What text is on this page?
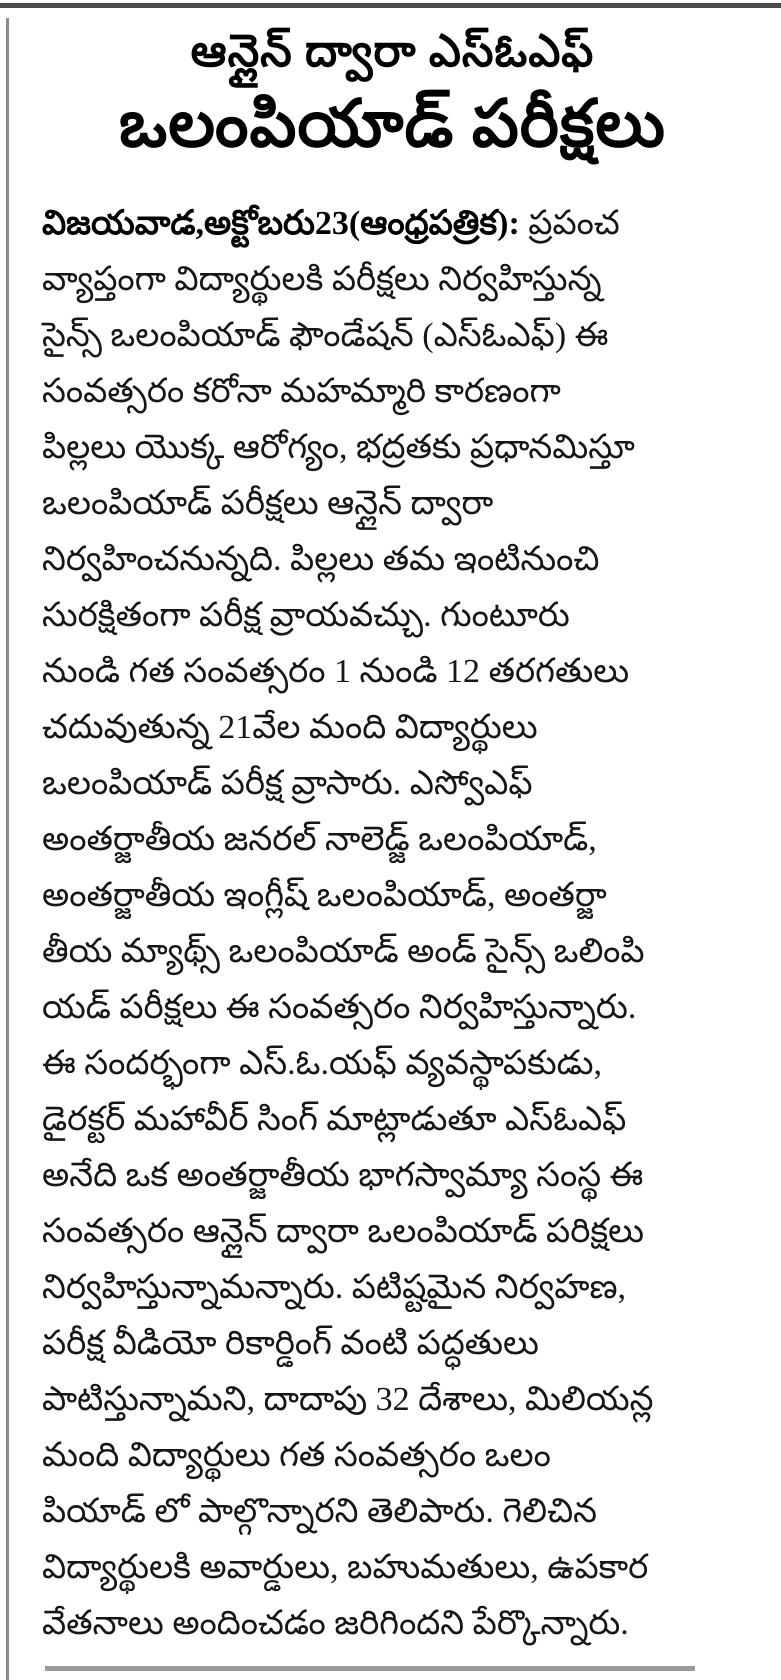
ఆన్లైన్ ద్వారా ఎస్ఓఎఫ్
ఒలంపియాడ్ పరీక్షలు
విజయవాడ,అక్టోబరు23(ఆంధ్రపత్రిక): ప్రపంచ
వ్యాప్తంగా విద్యార్థులకి పరీక్షలు నిర్వహిస్తున్న
సైన్స్ ఒలంపియాడ్ ఫౌండేషన్ (ఎస్ఓఎఫ్) ఈ
సంవత్సరం కరోనా మహమ్మారి కారణంగా
పిల్లలు యొక్క ఆరోగ్యం, భద్రతకు ప్రధానమిస్తూ
ఒలంపియాడ్ పరీక్షలు ఆన్లైన్ ద్వారా
నిర్వహించనున్నది. పిల్లలు తమ ఇంటినుంచి
సురక్షితంగా పరీక్ష వ్రాయవచ్చు. గుంటూరు
నుండి గత సంవత్సరం 1 నుండి 12 తరగతులు
చదువుతున్న 21వేల మంది విద్యార్థులు
ఒలంపియాడ్ పరీక్ష వ్రాసారు. ఎస్వోఎఫ్
అంతర్జాతీయ జనరల్ నాలెడ్జ్ ఒలంపియాడ్,
అంతర్జాతీయ ఇంగ్లీష్ ఒలంపియాడ్, అంతర్జా
తీయ మ్యాథ్స్ ఒలంపియాడ్ అండ్ సైన్స్ ఒలింపి
యడ్ పరీక్షలు ఈ సంవత్సరం నిర్వహిస్తున్నారు.
ఈ సందర్భంగా ఎస్.ఓ.యఫ్ వ్యవస్థాపకుడు,
డైరక్టర్ మహావీర్ సింగ్ మాట్లాడుతూ ఎస్ఓఎఫ్
అనేది ఒక అంతర్జాతీయ భాగస్వామ్యా సంస్థ ఈ
సంవత్సరం ఆన్లైన్ ద్వారా ఒలంపియాడ్ పరిక్షలు
నిర్వహిస్తున్నామన్నారు. పటిష్టమైన నిర్వహణ,
పరీక్ష వీడియో రికార్డింగ్ వంటి పద్ధతులు
పాటిస్తున్నామని, దాదాపు 32 దేశాలు, మిలియన్ల
మంది విద్యార్థులు గత సంవత్సరం ఒలం
పియాడ్ లో పాల్గొన్నారని తెలిపారు. గెలిచిన
విద్యార్థులకి అవార్డులు, బహుమతులు, ఉపకార
వేతనాలు అందించడం జరిగిందని పేర్కొన్నారు.
